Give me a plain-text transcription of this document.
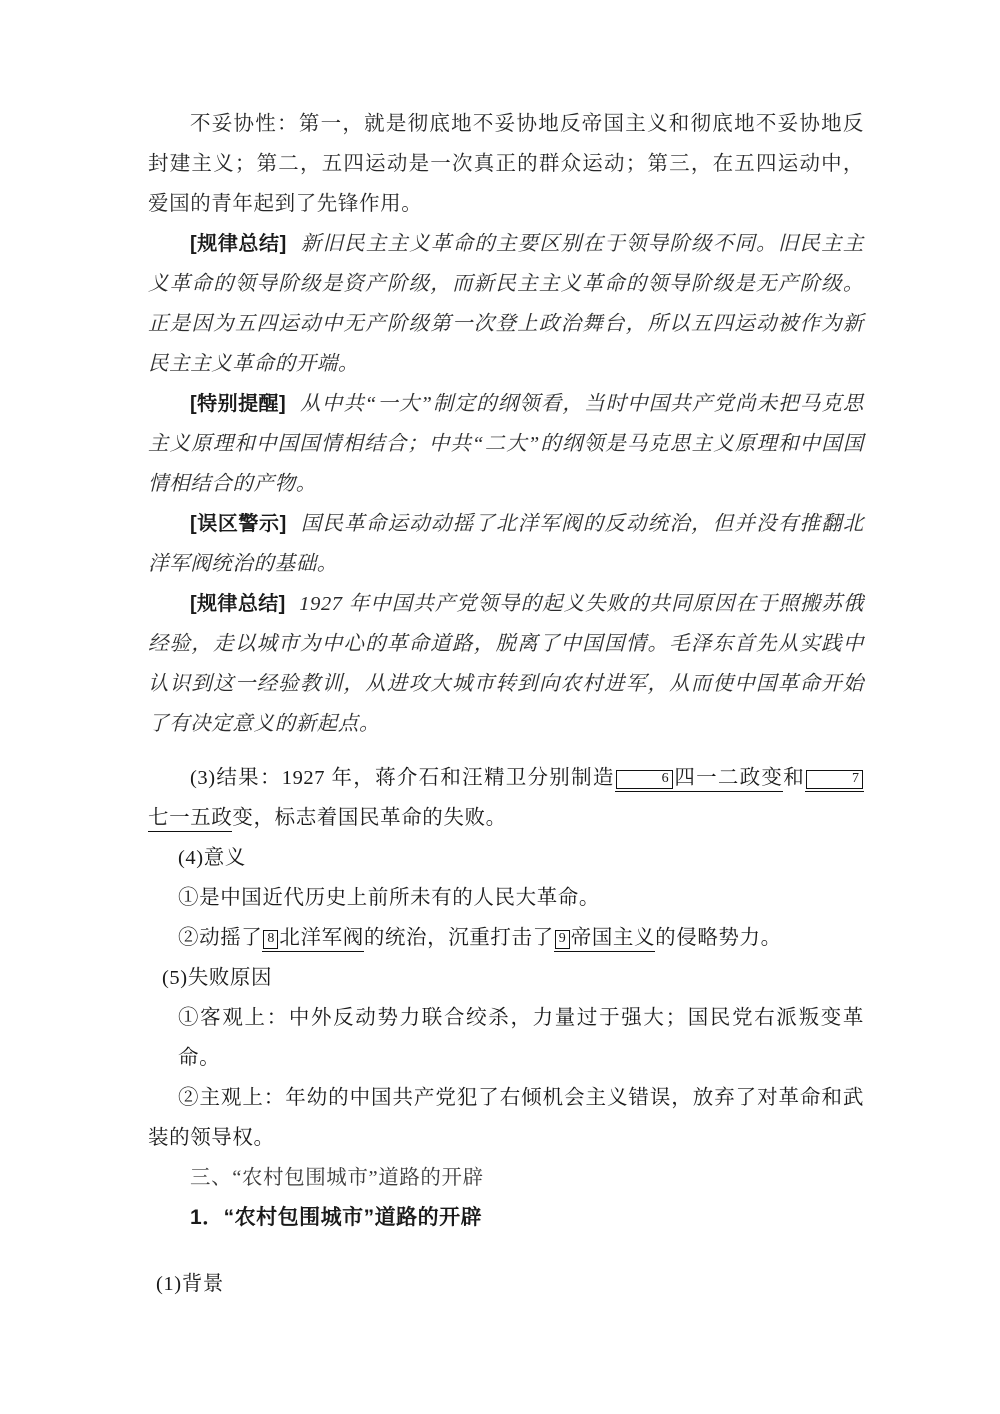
不妥协性：第一，就是彻底地不妥协地反帝国主义和彻底地不妥协地反封建主义；第二，五四运动是一次真正的群众运动；第三，在五四运动中，爱国的青年起到了先锋作用。

[规律总结] 新旧民主主义革命的主要区别在于领导阶级不同。旧民主主义革命的领导阶级是资产阶级，而新民主主义革命的领导阶级是无产阶级。正是因为五四运动中无产阶级第一次登上政治舞台，所以五四运动被作为新民主主义革命的开端。

[特别提醒] 从中共“一大”制定的纲领看，当时中国共产党尚未把马克思主义原理和中国国情相结合；中共“二大”的纲领是马克思主义原理和中国国情相结合的产物。

[误区警示] 国民革命运动动摇了北洋军阀的反动统治，但并没有推翻北洋军阀统治的基础。

[规律总结] 1927 年中国共产党领导的起义失败的共同原因在于照搬苏俄经验，走以城市为中心的革命道路，脱离了中国国情。毛泽东首先从实践中认识到这一经验教训，从进攻大城市转到向农村进军，从而使中国革命开始了有决定意义的新起点。

(3)结果：1927 年，蒋介石和汪精卫分别制造	6 四一二政变和	7七一五政变，标志着国民革命的失败。

(4)意义

①是中国近代历史上前所未有的人民大革命。

②动摇了 8 北洋军阀的统治，沉重打击了 9 帝国主义的侵略势力。

(5)失败原因

①客观上：中外反动势力联合绞杀，力量过于强大；国民党右派叛变革命。

②主观上：年幼的中国共产党犯了右倾机会主义错误，放弃了对革命和武装的领导权。

三、“农村包围城市”道路的开辟

1．“农村包围城市”道路的开辟

(1)背景
